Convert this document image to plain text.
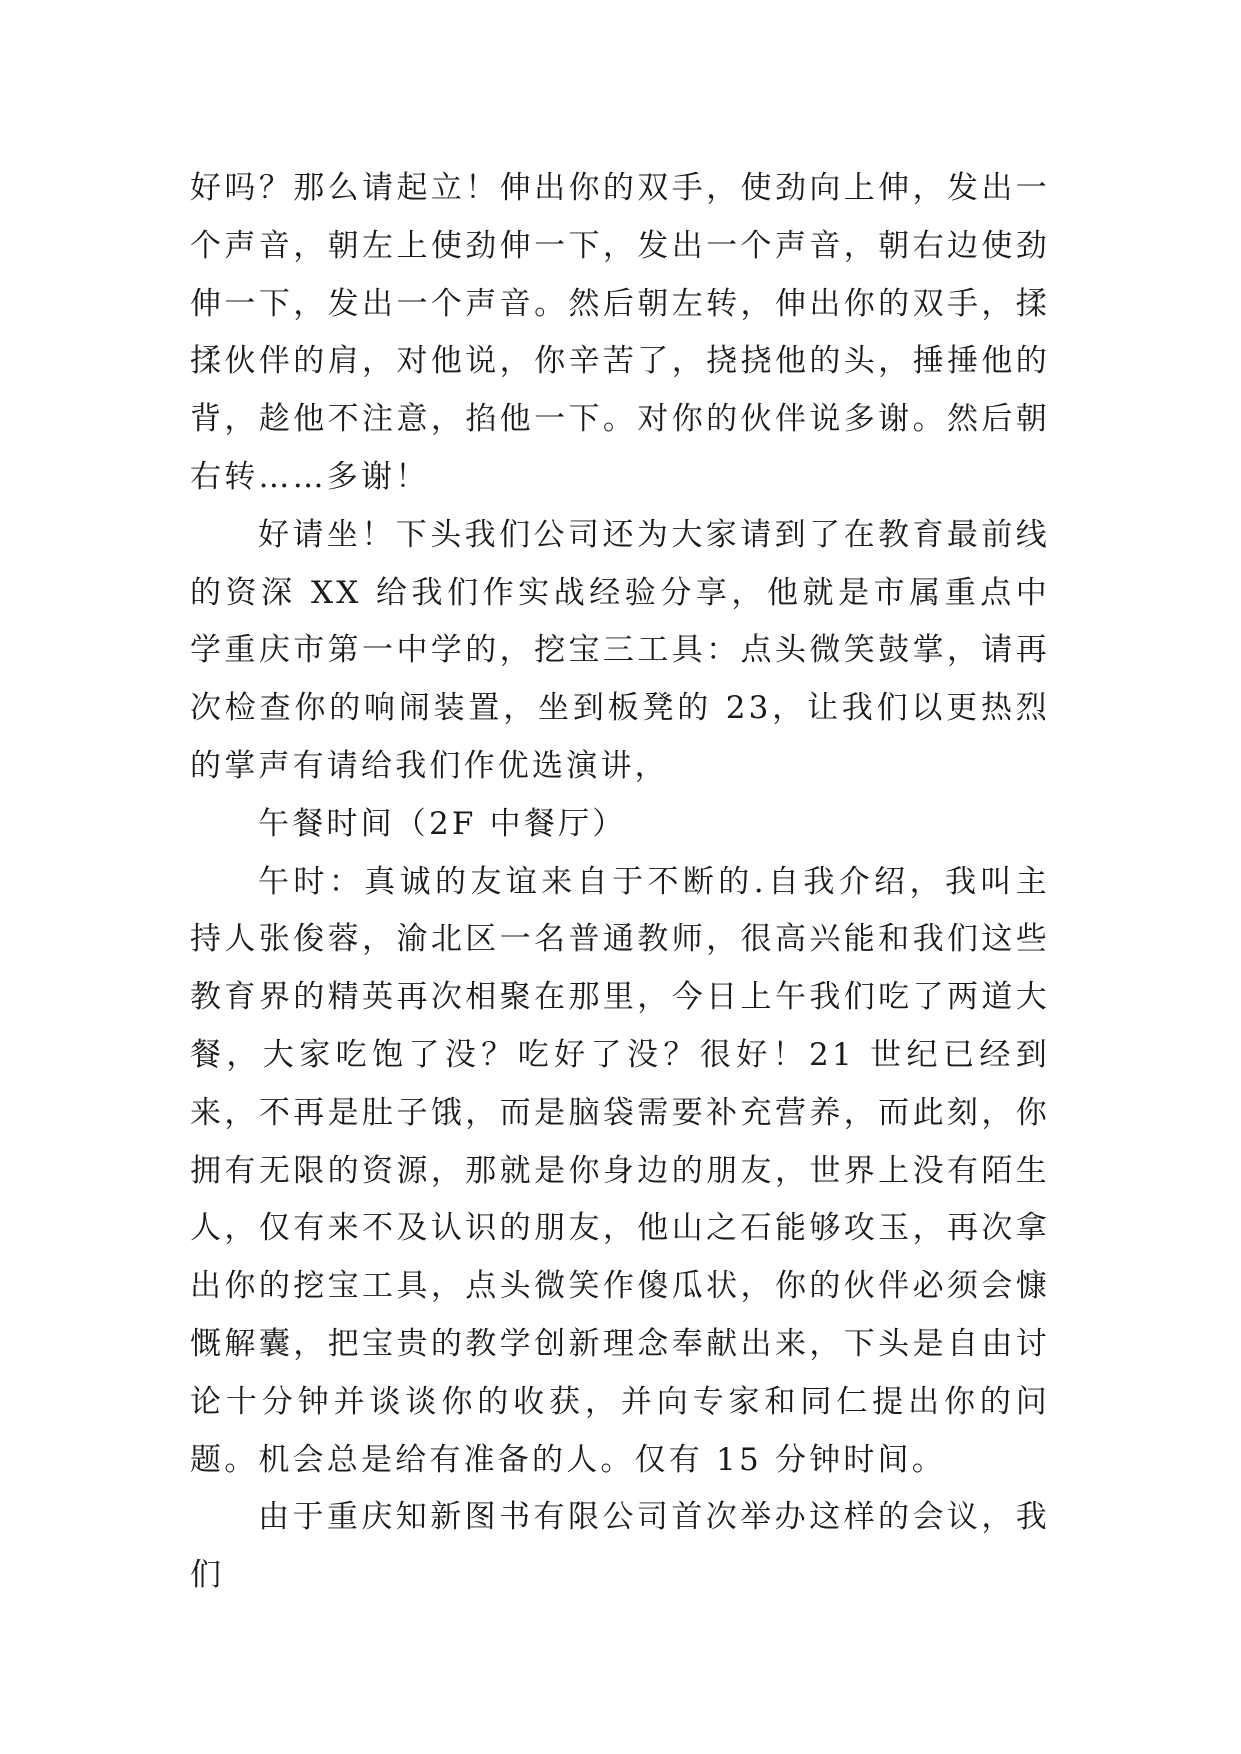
好吗？那么请起立！伸出你的双手，使劲向上伸，发出一个声音，朝左上使劲伸一下，发出一个声音，朝右边使劲伸一下，发出一个声音。然后朝左转，伸出你的双手，揉揉伙伴的肩，对他说，你辛苦了，挠挠他的头，捶捶他的背，趁他不注意，掐他一下。对你的伙伴说多谢。然后朝右转……多谢！

好请坐！下头我们公司还为大家请到了在教育最前线的资深 XX 给我们作实战经验分享，他就是市属重点中学重庆市第一中学的，挖宝三工具：点头微笑鼓掌，请再次检查你的响闹装置，坐到板凳的 23，让我们以更热烈的掌声有请给我们作优选演讲，

午餐时间（2F 中餐厅）

午时：真诚的友谊来自于不断的.自我介绍，我叫主持人张俊蓉，渝北区一名普通教师，很高兴能和我们这些教育界的精英再次相聚在那里，今日上午我们吃了两道大餐，大家吃饱了没？吃好了没？很好！21 世纪已经到来，不再是肚子饿，而是脑袋需要补充营养，而此刻，你拥有无限的资源，那就是你身边的朋友，世界上没有陌生人，仅有来不及认识的朋友，他山之石能够攻玉，再次拿出你的挖宝工具，点头微笑作傻瓜状，你的伙伴必须会慷慨解囊，把宝贵的教学创新理念奉献出来，下头是自由讨论十分钟并谈谈你的收获，并向专家和同仁提出你的问题。机会总是给有准备的人。仅有 15 分钟时间。

由于重庆知新图书有限公司首次举办这样的会议，我们
